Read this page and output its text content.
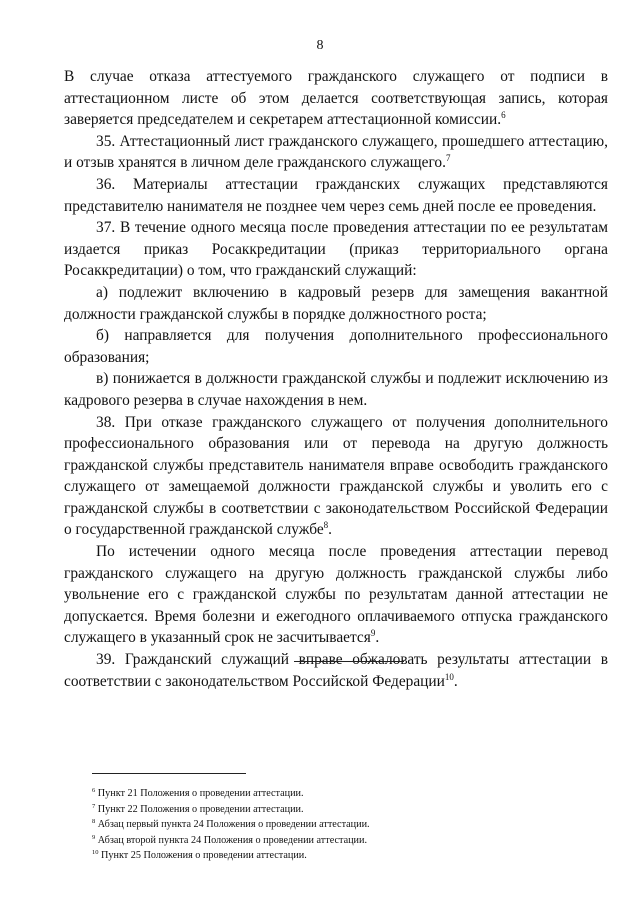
8

В случае отказа аттестуемого гражданского служащего от подписи в аттестационном листе об этом делается соответствующая запись, которая заверяется председателем и секретарем аттестационной комиссии.$^6$

35. Аттестационный лист гражданского служащего, прошедшего аттестацию, и отзыв хранятся в личном деле гражданского служащего.$^7$

36. Материалы аттестации гражданских служащих представляются представителю нанимателя не позднее чем через семь дней после ее проведения.

37. В течение одного месяца после проведения аттестации по ее результатам издается приказ Росаккредитации (приказ территориального органа Росаккредитации) о том, что гражданский служащий:

а) подлежит включению в кадровый резерв для замещения вакантной должности гражданской службы в порядке должностного роста;

б) направляется для получения дополнительного профессионального образования;

в) понижается в должности гражданской службы и подлежит исключению из кадрового резерва в случае нахождения в нем.

38. При отказе гражданского служащего от получения дополнительного профессионального образования или от перевода на другую должность гражданской службы представитель нанимателя вправе освободить гражданского служащего от замещаемой должности гражданской службы и уволить его с гражданской службы в соответствии с законодательством Российской Федерации о государственной гражданской службе$^8$.

По истечении одного месяца после проведения аттестации перевод гражданского служащего на другую должность гражданской службы либо увольнение его с гражданской службы по результатам данной аттестации не допускается. Время болезни и ежегодного оплачиваемого отпуска гражданского служащего в указанный срок не засчитывается$^9$.

39. Гражданский служащий вправе обжаловать результаты аттестации в соответствии с законодательством Российской Федерации$^{10}$.

$^6$ Пункт 21 Положения о проведении аттестации.

$^7$ Пункт 22 Положения о проведении аттестации.

$^8$ Абзац первый пункта 24 Положения о проведении аттестации.

$^9$ Абзац второй пункта 24 Положения о проведении аттестации.

$^{10}$ Пункт 25 Положения о проведении аттестации.
